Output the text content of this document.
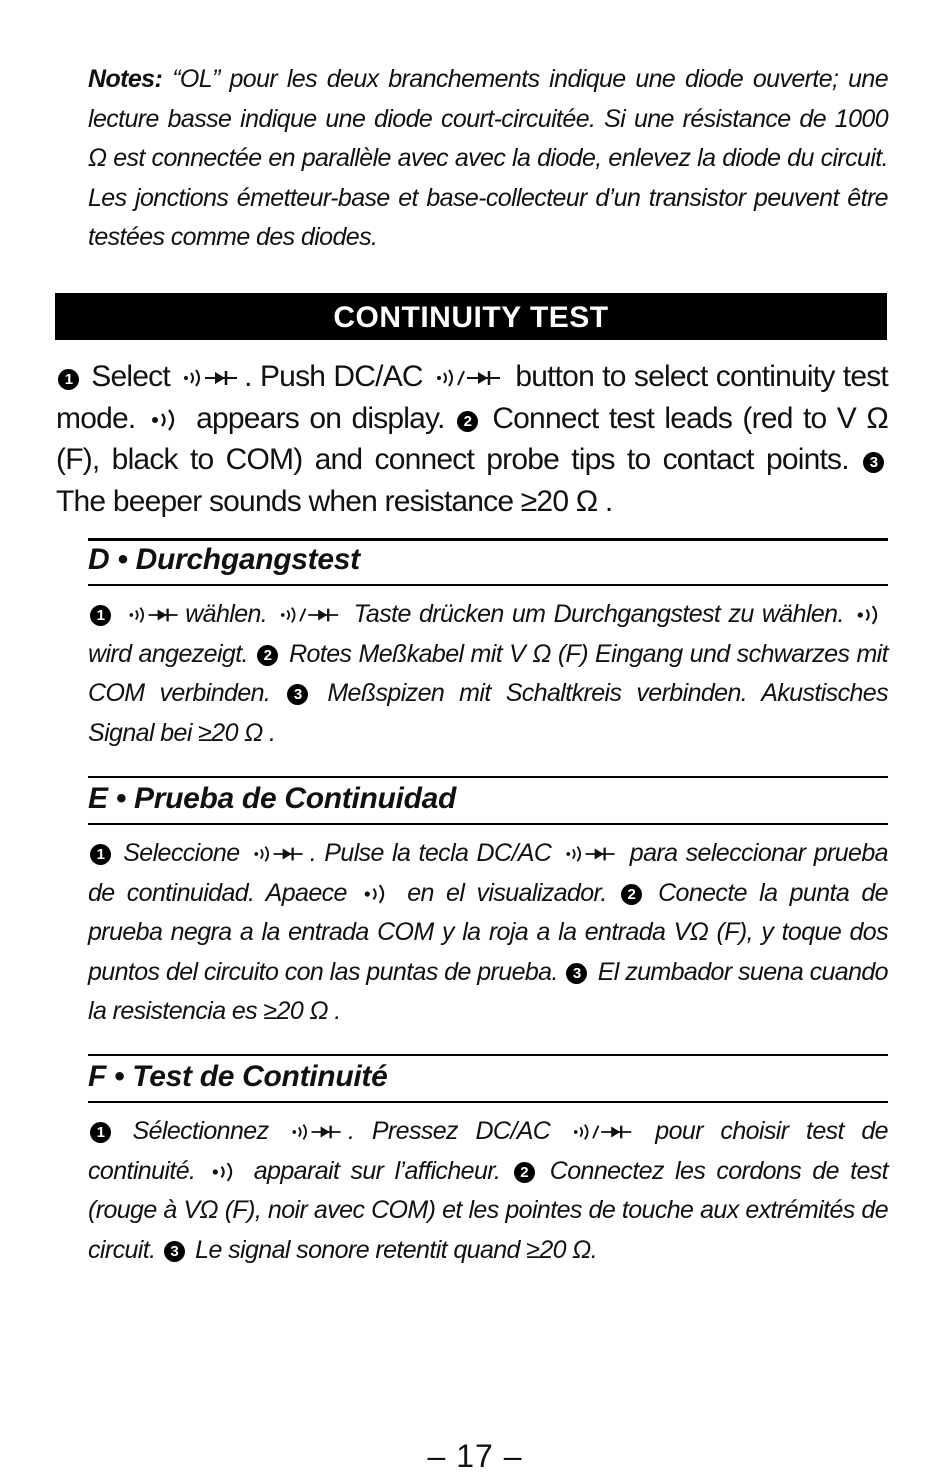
Notes: “OL” pour les deux branchements indique une diode ouverte; une lecture basse indique une diode court-circuitée. Si une résistance de 1000 Ω est connectée en parallèle avec avec la diode, enlevez la diode du circuit. Les jonctions émetteur-base et base-collecteur d’un transistor peuvent être testées comme des diodes.
CONTINUITY TEST
1 Select . Push DC/AC	button to select continuity test mode. appears on display. 2 Connect test leads (red to V Ω (F), black to COM) and connect probe tips to contact points. 3 The beeper sounds when resistance ≥20 Ω .
D • Durchgangstest
1	wählen.	Taste drücken um Durchgangstest zu wählen.  wird angezeigt. 2 Rotes Meßkabel mit V Ω (F) Eingang und schwarzes mit COM verbinden. 3 Meßspizen mit Schaltkreis verbinden. Akustisches Signal bei ≥20 Ω .
E • Prueba de Continuidad
1 Seleccione	. Pulse la tecla DC/AC	para seleccionar prueba de continuidad. Apaece en el visualizador. 2 Conecte la punta de prueba negra a la entrada COM y la roja a la entrada VΩ (F), y toque dos puntos del circuito con las puntas de prueba. 3 El zumbador suena cuando la resistencia es ≥20 Ω .
F • Test de Continuité
1 Sélectionnez	. Pressez DC/AC	pour choisir test de continuité. apparait sur l’afficheur. 2 Connectez les cordons de test (rouge à VΩ (F), noir avec COM) et les pointes de touche aux extrémités de circuit. 3 Le signal sonore retentit quand ≥20 Ω.
– 17 –
